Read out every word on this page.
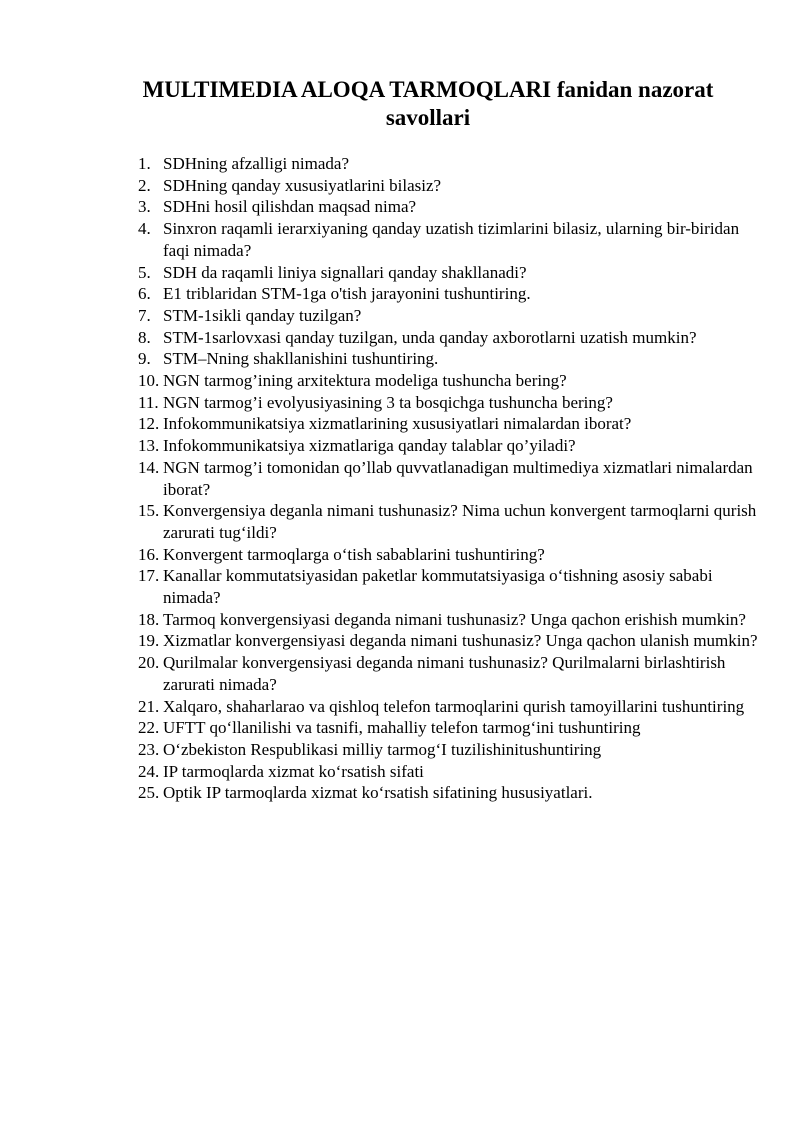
MULTIMEDIA ALOQA TARMOQLARI fanidan nazorat
savollari
1. SDHning afzalligi nimada?
2. SDHning qanday xususiyatlarini bilasiz?
3. SDHni hosil qilishdan maqsad nima?
4. Sinxron raqamli ierarxiyaning qanday uzatish tizimlarini bilasiz, ularning bir-biridan faqi nimada?
5. SDH da raqamli liniya signallari qanday shakllanadi?
6. E1 triblaridan STM-1ga o'tish jarayonini tushuntiring.
7. STM-1sikli qanday tuzilgan?
8. STM-1sarlovxasi qanday tuzilgan, unda qanday axborotlarni uzatish mumkin?
9. STM–Nning shakllanishini tushuntiring.
10. NGN tarmog’ining arxitektura modeliga tushuncha bering?
11. NGN tarmog’i evolyusiyasining 3 ta bosqichga tushuncha bering?
12. Infokommunikatsiya xizmatlarining xususiyatlari nimalardan iborat?
13. Infokommunikatsiya xizmatlariga qanday talablar qo’yiladi?
14. NGN tarmog’i tomonidan qo’llab quvvatlanadigan multimediya xizmatlari nimalardan iborat?
15. Konvergensiya deganla nimani tushunasiz? Nima uchun konvergent tarmoqlarni qurish zarurati tug‘ildi?
16. Konvergent tarmoqlarga o‘tish sabablarini tushuntiring?
17. Kanallar kommutatsiyasidan paketlar kommutatsiyasiga o‘tishning asosiy sababi nimada?
18. Tarmoq konvergensiyasi deganda nimani tushunasiz? Unga qachon erishish mumkin?
19. Xizmatlar konvergensiyasi deganda nimani tushunasiz? Unga qachon ulanish mumkin?
20. Qurilmalar konvergensiyasi deganda nimani tushunasiz? Qurilmalarni birlashtirish zarurati nimada?
21. Xalqaro, shaharlarao va qishloq telefon tarmoqlarini qurish tamoyillarini tushuntiring
22. UFTT qo‘llanilishi va tasnifi, mahalliy telefon tarmog‘ini tushuntiring
23. O‘zbekiston Respublikasi milliy tarmog‘I tuzilishinitushuntiring
24. IP tarmoqlarda xizmat ko‘rsatish sifati
25. Optik IP tarmoqlarda xizmat ko‘rsatish sifatining hususiyatlari.
